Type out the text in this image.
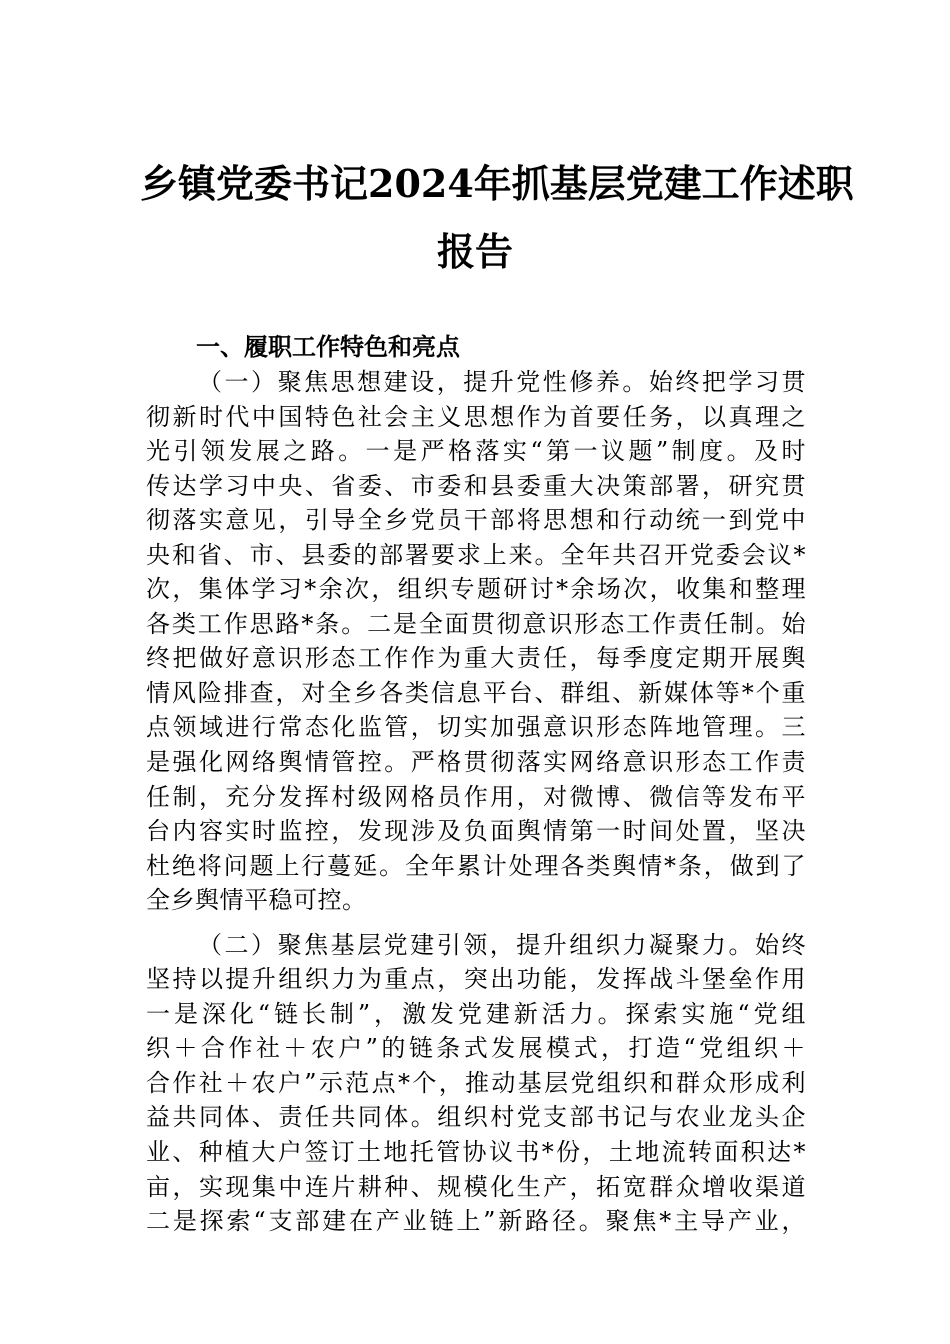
乡镇党委书记2024年抓基层党建工作述职
报告
一、履职工作特色和亮点
（一）聚焦思想建设，提升党性修养。始终把学习贯
彻新时代中国特色社会主义思想作为首要任务，以真理之
光引领发展之路。一是严格落实“第一议题”制度。及时
传达学习中央、省委、市委和县委重大决策部署，研究贯
彻落实意见，引导全乡党员干部将思想和行动统一到党中
央和省、市、县委的部署要求上来。全年共召开党委会议*
次，集体学习*余次，组织专题研讨*余场次，收集和整理
各类工作思路*条。二是全面贯彻意识形态工作责任制。始
终把做好意识形态工作作为重大责任，每季度定期开展舆
情风险排查，对全乡各类信息平台、群组、新媒体等*个重
点领域进行常态化监管，切实加强意识形态阵地管理。三
是强化网络舆情管控。严格贯彻落实网络意识形态工作责
任制，充分发挥村级网格员作用，对微博、微信等发布平
台内容实时监控，发现涉及负面舆情第一时间处置，坚决
杜绝将问题上行蔓延。全年累计处理各类舆情*条，做到了
全乡舆情平稳可控。
（二）聚焦基层党建引领，提升组织力凝聚力。始终
坚持以提升组织力为重点，突出功能，发挥战斗堡垒作用
一是深化“链长制”，激发党建新活力。探索实施“党组
织＋合作社＋农户”的链条式发展模式，打造“党组织＋
合作社＋农户”示范点*个，推动基层党组织和群众形成利
益共同体、责任共同体。组织村党支部书记与农业龙头企
业、种植大户签订土地托管协议书*份，土地流转面积达*
亩，实现集中连片耕种、规模化生产，拓宽群众增收渠道
二是探索“支部建在产业链上”新路径。聚焦*主导产业，
